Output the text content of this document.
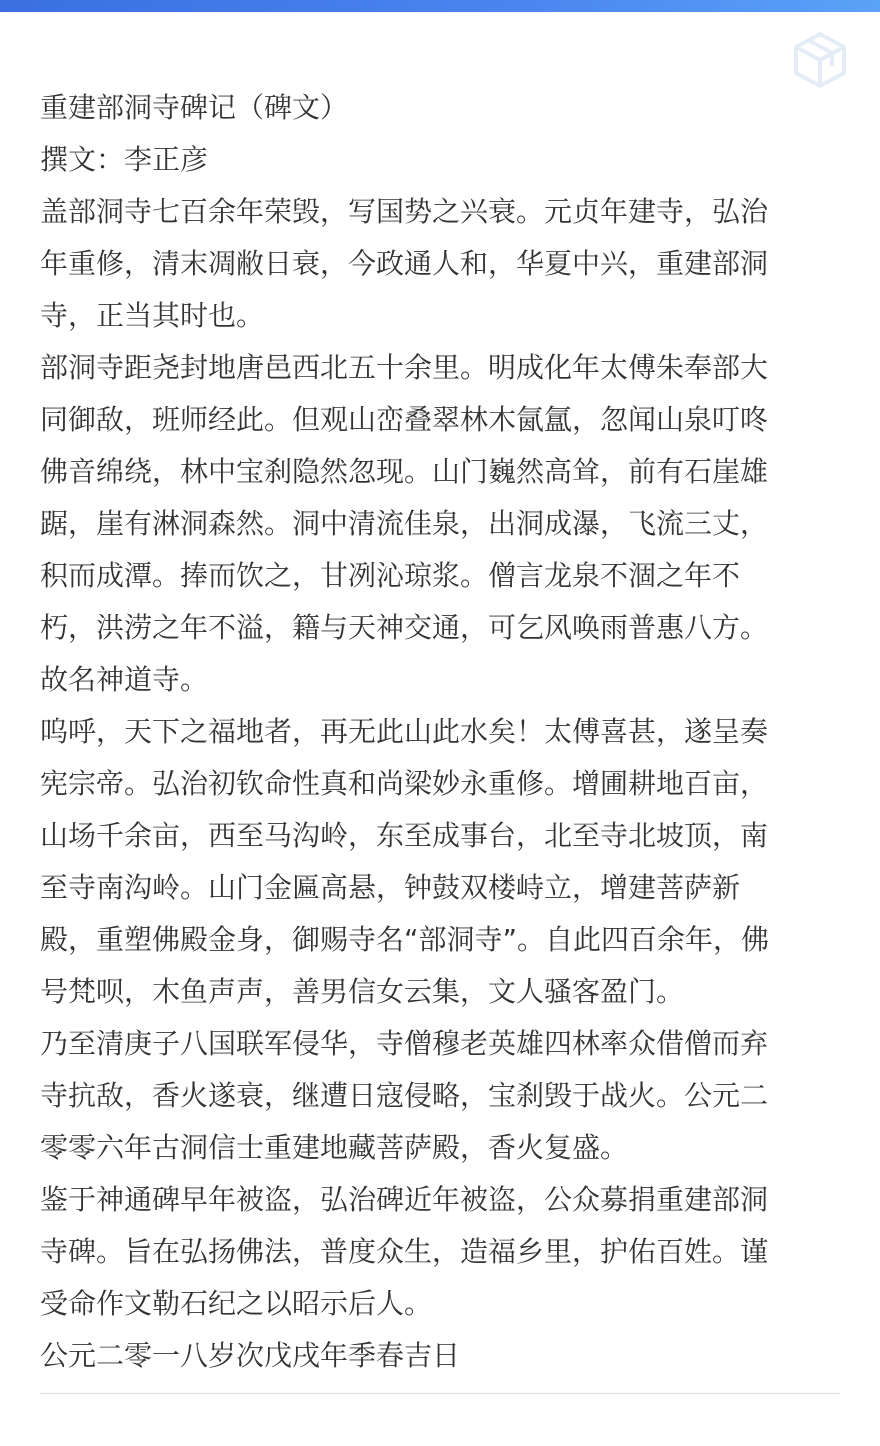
重建部洞寺碑记（碑文）

撰文：李正彦

盖部洞寺七百余年荣毁，写国势之兴衰。元贞年建寺，弘治

年重修，清末凋敝日衰，今政通人和，华夏中兴，重建部洞

寺，正当其时也。

部洞寺距尧封地唐邑西北五十余里。明成化年太傅朱奉部大

同御敌，班师经此。但观山峦叠翠林木氤氲，忽闻山泉叮咚

佛音绵绕，林中宝刹隐然忽现。山门巍然高耸，前有石崖雄

踞，崖有淋洞森然。洞中清流佳泉，出洞成瀑，飞流三丈，

积而成潭。捧而饮之，甘冽沁琼浆。僧言龙泉不涸之年不

朽，洪涝之年不溢，籍与天神交通，可乞风唤雨普惠八方。

故名神道寺。

呜呼，天下之福地者，再无此山此水矣！太傅喜甚，遂呈奏

宪宗帝。弘治初钦命性真和尚梁妙永重修。增圃耕地百亩，

山场千余亩，西至马沟岭，东至成事台，北至寺北坡顶，南

至寺南沟岭。山门金匾高悬，钟鼓双楼峙立，增建菩萨新

殿，重塑佛殿金身，御赐寺名“部洞寺”。自此四百余年，佛

号梵呗，木鱼声声，善男信女云集，文人骚客盈门。

乃至清庚子八国联军侵华，寺僧穆老英雄四林率众借僧而弃

寺抗敌，香火遂衰，继遭日寇侵略，宝刹毁于战火。公元二

零零六年古洞信士重建地藏菩萨殿，香火复盛。

鉴于神通碑早年被盗，弘治碑近年被盗，公众募捐重建部洞

寺碑。旨在弘扬佛法，普度众生，造福乡里，护佑百姓。谨

受命作文勒石纪之以昭示后人。

公元二零一八岁次戊戌年季春吉日
